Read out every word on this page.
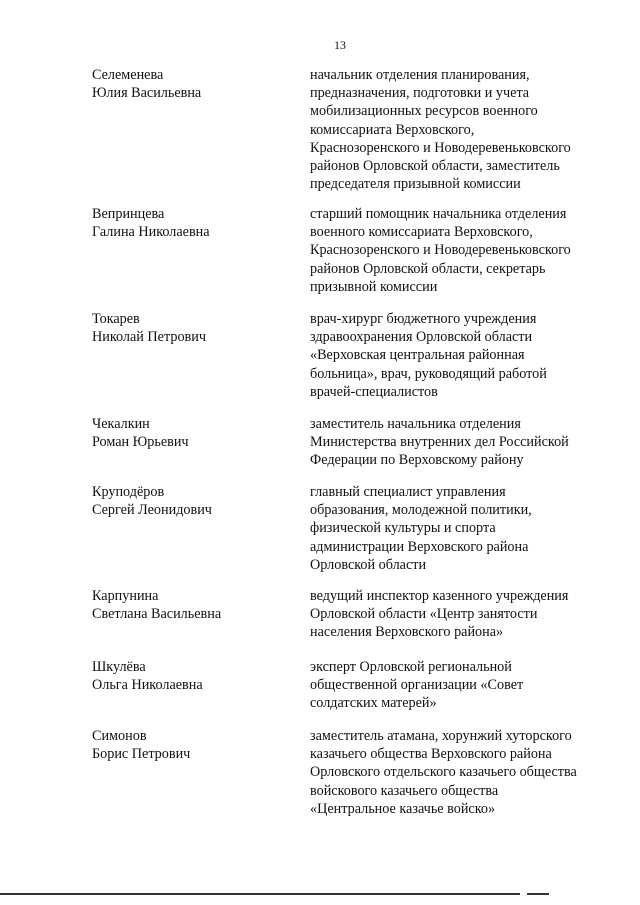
13
Селеменева
Юлия Васильевна
начальник отделения планирования,
предназначения, подготовки и учета
мобилизационных ресурсов военного
комиссариата Верховского,
Краснозоренского и Новодеревеньковского
районов Орловской области, заместитель
председателя призывной комиссии
Вепринцева
Галина Николаевна
старший помощник начальника отделения
военного комиссариата Верховского,
Краснозоренского и Новодеревеньковского
районов Орловской области, секретарь
призывной комиссии
Токарев
Николай Петрович
врач-хирург бюджетного учреждения
здравоохранения Орловской области
«Верховская центральная районная
больница», врач, руководящий работой
врачей-специалистов
Чекалкин
Роман Юрьевич
заместитель начальника отделения
Министерства внутренних дел Российской
Федерации по Верховскому району
Круподёров
Сергей Леонидович
главный специалист управления
образования, молодежной политики,
физической культуры и спорта
администрации Верховского района
Орловской области
Карпунина
Светлана Васильевна
ведущий инспектор казенного учреждения
Орловской области «Центр занятости
населения Верховского района»
Шкулёва
Ольга Николаевна
эксперт Орловской региональной
общественной организации «Совет
солдатских матерей»
Симонов
Борис Петрович
заместитель атамана, хорунжий хуторского
казачьего общества Верховского района
Орловского отдельского казачьего общества
войскового казачьего общества
«Центральное казачье войско»
